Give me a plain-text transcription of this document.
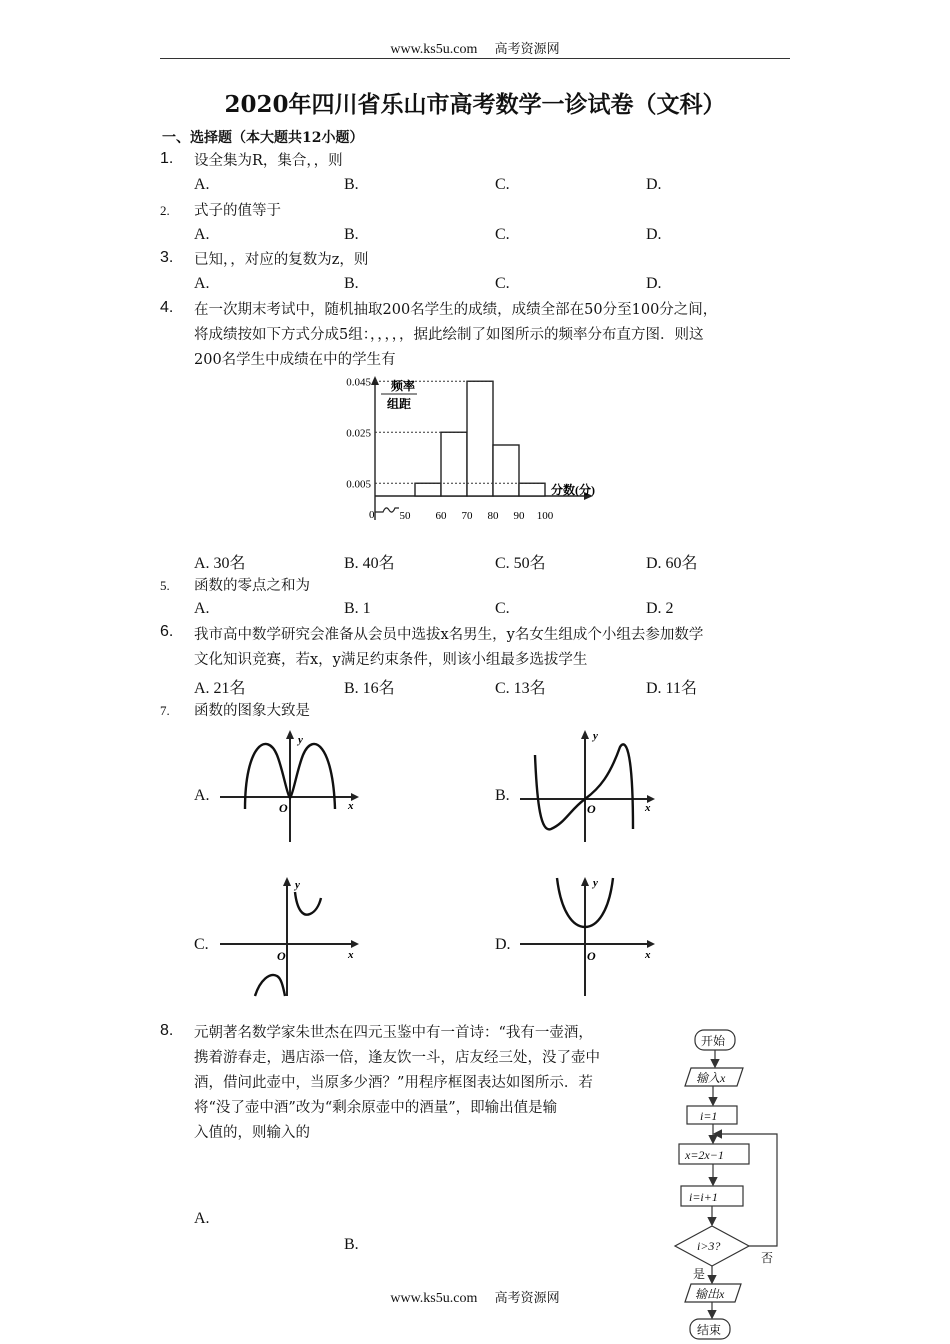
www.ks5u.com 高考资源网
2020年四川省乐山市高考数学一诊试卷（文科）
一、选择题（本大题共12小题）
1. 设全集为R，集合，，则
A.	B.	C.	D.
2. 式子的值等于
A.	B.	C.	D.
3. 已知，，对应的复数为z，则
A.	B.	C.	D.
4. 在一次期末考试中，随机抽取200名学生的成绩，成绩全部在50分至100分之间，
将成绩按如下方式分成5组：，，，，，据此绘制了如图所示的频率分布直方图．则这
200名学生中成绩在中的学生有
0.005
0.025
0.045
50 60 70 80 90 100
频率
组距
分数(分)
0
A. 30名	B. 40名	C. 50名	D. 60名
5. 函数的零点之和为
A.	B. 1	C.	D. 2
6. 我市高中数学研究会准备从会员中选拔x名男生，y名女生组成个小组去参加数学
文化知识竞赛，若x，y满足约束条件，则该小组最多选拔学生
A. 21名	B. 16名	C. 13名	D. 11名
7. 函数的图象大致是
A.
y
x
O
B.
y
x
O
C.
y
x
O
D.
y
x
O
8. 元朝著名数学家朱世杰在四元玉鉴中有一首诗：“我有一壶酒，
携着游春走，遇店添一倍，逢友饮一斗，店友经三处，没了壶中
酒，借问此壶中，当原多少酒？”用程序框图表达如图所示．若
将“没了壶中酒”改为“剩余原壶中的酒量”，即输出值是输
入值的，则输入的
A.
B.
开始
输入x
i=1
x=2x−1
i=i+1
i>3?
否
是
输出x
结束
www.ks5u.com 高考资源网
